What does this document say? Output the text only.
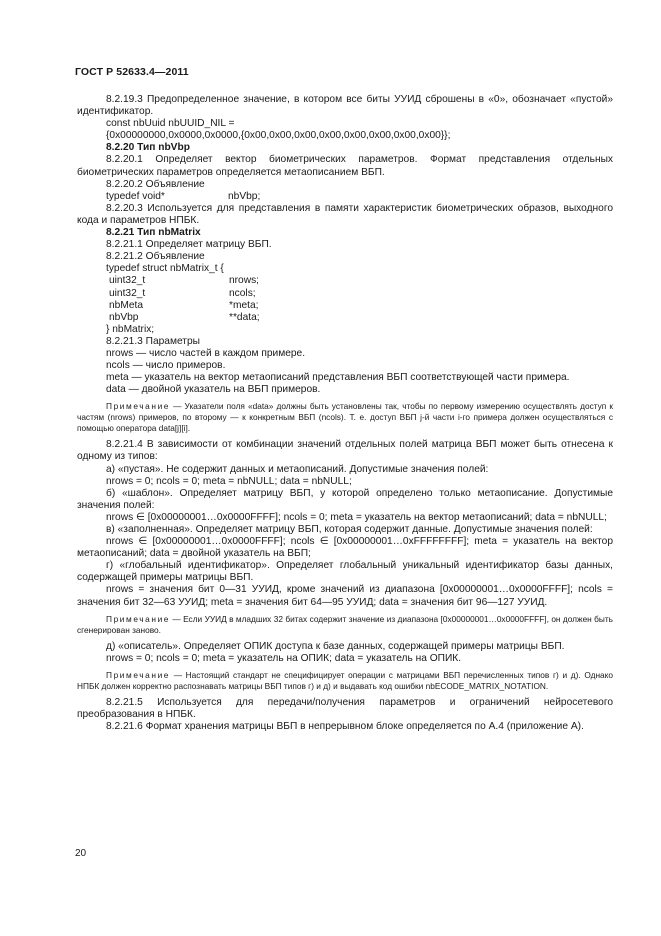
ГОСТ Р 52633.4—2011

8.2.19.3 Предопределенное значение, в котором все биты УУИД сброшены в «0», обозначает «пустой» идентификатор.

const nbUuid nbUUID_NIL =

{0x00000000,0x0000,0x0000,{0x00,0x00,0x00,0x00,0x00,0x00,0x00,0x00}};

8.2.20 Тип nbVbp

8.2.20.1 Определяет вектор биометрических параметров. Формат представления отдельных биометрических параметров определяется метаописанием ВБП.

8.2.20.2 Объявление

typedef void*	nbVbp;

8.2.20.3 Используется для представления в памяти характеристик биометрических образов, выходного кода и параметров НПБК.

8.2.21 Тип nbMatrix

8.2.21.1 Определяет матрицу ВБП.

8.2.21.2 Объявление

typedef struct nbMatrix_t {

uint32_t	nrows;
uint32_t	ncols;
nbMeta	*meta;
nbVbp	**data;

} nbMatrix;

8.2.21.3 Параметры

nrows — число частей в каждом примере.

ncols — число примеров.

meta — указатель на вектор метаописаний представления ВБП соответствующей части примера.

data — двойной указатель на ВБП примеров.

Примечание — Указатели поля «data» должны быть установлены так, чтобы по первому измерению осуществлять доступ к частям (nrows) примеров, по второму — к конкретным ВБП (ncols). Т. е. доступ ВБП j-й части i-го примера должен осуществляться с помощью оператора data[j][i].

8.2.21.4 В зависимости от комбинации значений отдельных полей матрица ВБП может быть отнесена к одному из типов:

а) «пустая». Не содержит данных и метаописаний. Допустимые значения полей:

nrows = 0; ncols = 0; meta = nbNULL; data = nbNULL;

б) «шаблон». Определяет матрицу ВБП, у которой определено только метаописание. Допустимые значения полей:

nrows ∈ [0x00000001…0x0000FFFF]; ncols = 0; meta = указатель на вектор метаописаний; data = nbNULL;

в) «заполненная». Определяет матрицу ВБП, которая содержит данные. Допустимые значения полей:

nrows ∈ [0x00000001…0x0000FFFF]; ncols ∈ [0x00000001…0xFFFFFFFF]; meta = указатель на вектор метаописаний; data = двойной указатель на ВБП;

г) «глобальный идентификатор». Определяет глобальный уникальный идентификатор базы данных, содержащей примеры матрицы ВБП.

nrows = значения бит 0—31 УУИД, кроме значений из диапазона [0x00000001…0x0000FFFF]; ncols = значения бит 32—63 УУИД; meta = значения бит 64—95 УУИД; data = значения бит 96—127 УУИД.

Примечание — Если УУИД в младших 32 битах содержит значение из диапазона [0x00000001…0x0000FFFF], он должен быть сгенерирован заново.

д) «описатель». Определяет ОПИК доступа к базе данных, содержащей примеры матрицы ВБП.

nrows = 0; ncols = 0; meta = указатель на ОПИК; data = указатель на ОПИК.

Примечание — Настоящий стандарт не специфицирует операции с матрицами ВБП перечисленных типов г) и д). Однако НПБК должен корректно распознавать матрицы ВБП типов г) и д) и выдавать код ошибки nbECODE_MATRIX_NOTATION.

8.2.21.5 Используется для передачи/получения параметров и ограничений нейросетевого преобразования в НПБК.

8.2.21.6 Формат хранения матрицы ВБП в непрерывном блоке определяется по А.4 (приложение А).

20
